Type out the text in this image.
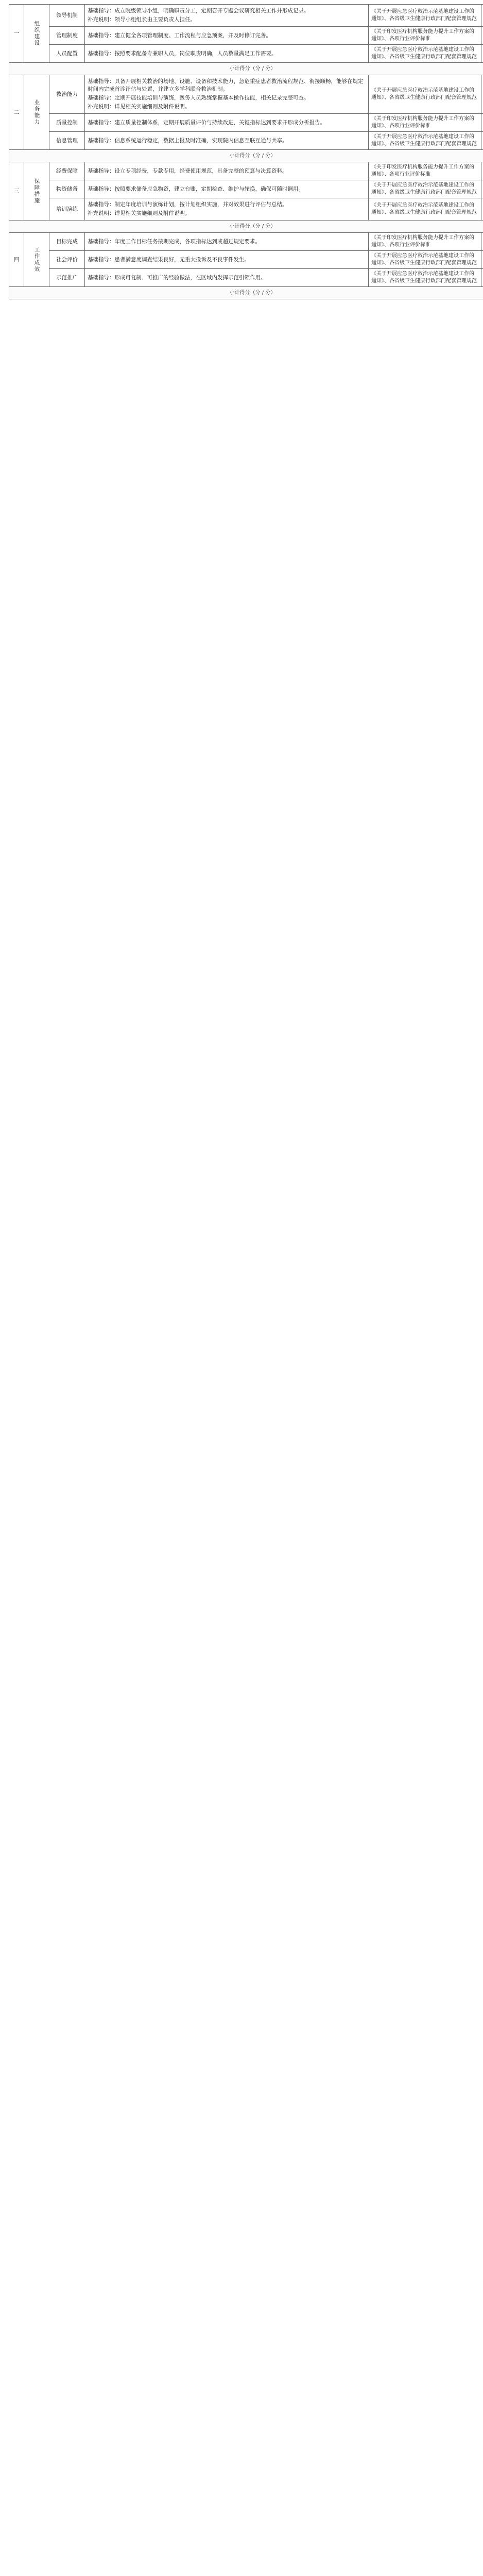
一	组织建设	领导机制	基础指导：成立院级领导小组，明确职责分工，定期召开专题会议研究相关工作并形成记录。
补充说明：领导小组组长由主要负责人担任。	《关于开展应急医疗救治示范基地建设工作的通知》、各省级卫生健康行政部门配套管理规范	
		管理制度	基础指导：建立健全各项管理制度、工作流程与应急预案，并及时修订完善。	《关于印发医疗机构服务能力提升工作方案的通知》、各项行业评价标准	
		人员配置	基础指导：按照要求配备专兼职人员，岗位职责明确，人员数量满足工作需要。	《关于开展应急医疗救治示范基地建设工作的通知》、各省级卫生健康行政部门配套管理规范	
小计得分（分 / 分）					
二	业务能力	救治能力	基础指导：具备开展相关救治的场地、设施、设备和技术能力，急危重症患者救治流程规范、衔接顺畅，能够在规定时间内完成首诊评估与处置，并建立多学科联合救治机制。
基础指导：定期开展技能培训与演练，医务人员熟练掌握基本操作技能，相关记录完整可查。
补充说明：详见相关实施细则及附件说明。	《关于开展应急医疗救治示范基地建设工作的通知》、各省级卫生健康行政部门配套管理规范	
		质量控制	基础指导：建立质量控制体系，定期开展质量评价与持续改进，关键指标达到要求并形成分析报告。	《关于印发医疗机构服务能力提升工作方案的通知》、各项行业评价标准	
		信息管理	基础指导：信息系统运行稳定，数据上报及时准确，实现院内信息互联互通与共享。	《关于开展应急医疗救治示范基地建设工作的通知》、各省级卫生健康行政部门配套管理规范	
小计得分（分 / 分）					
三	保障措施	经费保障	基础指导：设立专项经费，专款专用，经费使用规范，具备完整的预算与决算资料。	《关于印发医疗机构服务能力提升工作方案的通知》、各项行业评价标准	
		物资储备	基础指导：按照要求储备应急物资，建立台账，定期检查、维护与轮换，确保可随时调用。	《关于开展应急医疗救治示范基地建设工作的通知》、各省级卫生健康行政部门配套管理规范	
		培训演练	基础指导：制定年度培训与演练计划，按计划组织实施，并对效果进行评估与总结。
补充说明：详见相关实施细则及附件说明。	《关于开展应急医疗救治示范基地建设工作的通知》、各省级卫生健康行政部门配套管理规范	
小计得分（分 / 分）					
四	工作成效	目标完成	基础指导：年度工作目标任务按期完成，各项指标达到或超过规定要求。	《关于印发医疗机构服务能力提升工作方案的通知》、各项行业评价标准	
		社会评价	基础指导：患者满意度调查结果良好，无重大投诉及不良事件发生。	《关于开展应急医疗救治示范基地建设工作的通知》、各省级卫生健康行政部门配套管理规范	
		示范推广	基础指导：形成可复制、可推广的经验做法，在区域内发挥示范引领作用。	《关于开展应急医疗救治示范基地建设工作的通知》、各省级卫生健康行政部门配套管理规范	
小计得分（分 / 分）					
